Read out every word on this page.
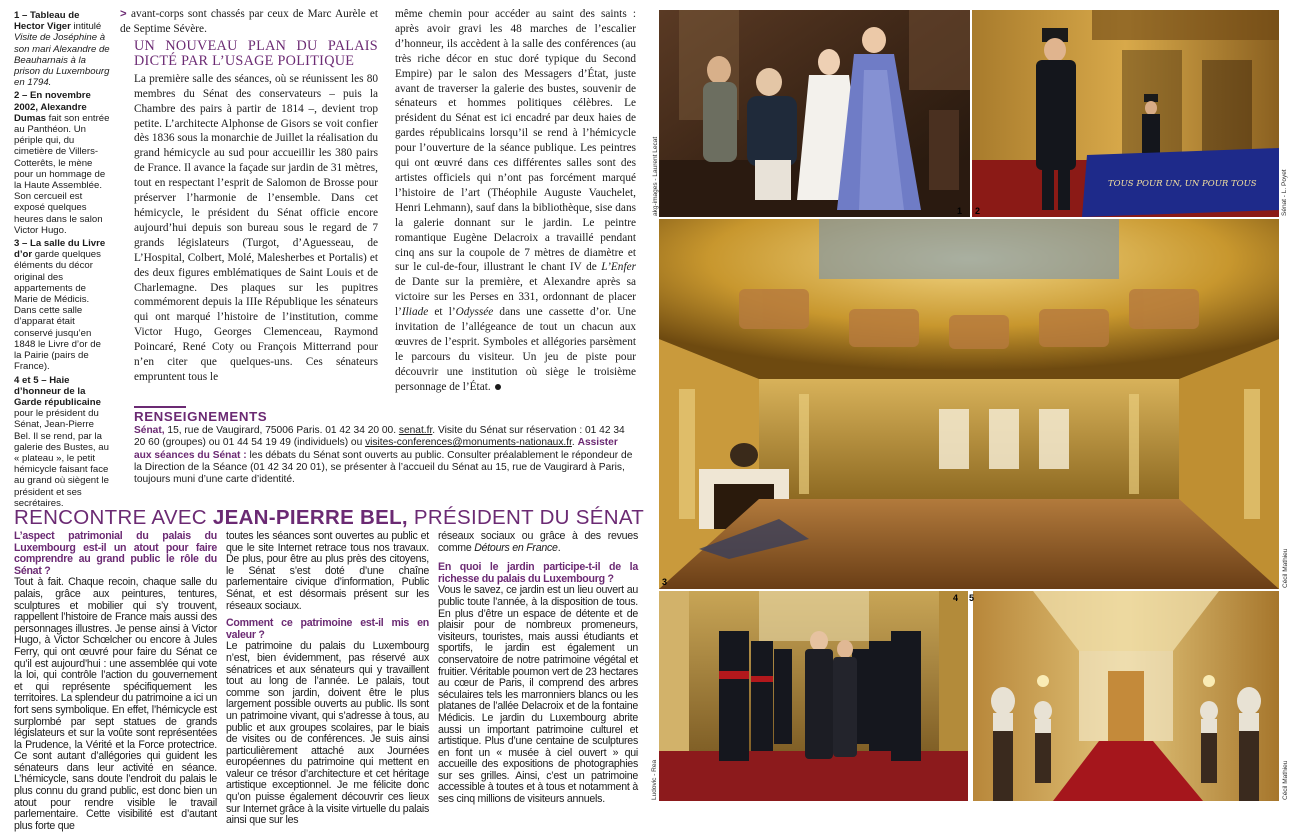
1 – Tableau de Hector Viger intitulé Visite de Joséphine à son mari Alexandre de Beauharnais à la prison du Luxembourg en 1794.

2 – En novembre 2002, Alexandre Dumas fait son entrée au Panthéon. Un périple qui, du cimetière de Villers-Cotterêts, le mène pour un hommage de la Haute Assemblée. Son cercueil est exposé quelques heures dans le salon Victor Hugo.

3 – La salle du Livre d’or garde quelques éléments du décor original des appartements de Marie de Médicis. Dans cette salle d’apparat était conservé jusqu’en 1848 le Livre d’or de la Pairie (pairs de France).

4 et 5 – Haie d’honneur de la Garde républicaine pour le président du Sénat, Jean-Pierre Bel. Il se rend, par la galerie des Bustes, au « plateau », le petit hémicycle faisant face au grand où siègent le président et ses secrétaires.

> avant-corps sont chassés par ceux de Marc Aurèle et de Septime Sévère.

UN NOUVEAU PLAN DU PALAIS DICTÉ PAR L’USAGE POLITIQUE

La première salle des séances, où se réunissent les 80 membres du Sénat des conservateurs – puis la Chambre des pairs à partir de 1814 –, devient trop petite. L’architecte Alphonse de Gisors se voit confier dès 1836 sous la monarchie de Juillet la réalisation du grand hémicycle au sud pour accueillir les 380 pairs de France. Il avance la façade sur jardin de 31 mètres, tout en respectant l’esprit de Salomon de Brosse pour préserver l’harmonie de l’ensemble. Dans cet hémicycle, le président du Sénat officie encore aujourd’hui depuis son bureau sous le regard de 7 grands législateurs (Turgot, d’Aguesseau, de L’Hospital, Colbert, Molé, Malesherbes et Portalis) et des deux figures emblématiques de Saint Louis et de Charlemagne. Des plaques sur les pupitres commémorent depuis la IIIe République les sénateurs qui ont marqué l’histoire de l’institution, comme Victor Hugo, Georges Clemenceau, Raymond Poincaré, René Coty ou François Mitterrand pour n’en citer que quelques-uns. Ces sénateurs empruntent tous le

même chemin pour accéder au saint des saints : après avoir gravi les 48 marches de l’escalier d’honneur, ils accèdent à la salle des conférences (au très riche décor en stuc doré typique du Second Empire) par le salon des Messagers d’État, juste avant de traverser la galerie des bustes, souvenir de sénateurs et hommes politiques célèbres. Le président du Sénat est ici encadré par deux haies de gardes républicains lorsqu’il se rend à l’hémicycle pour l’ouverture de la séance publique. Les peintres qui ont œuvré dans ces différentes salles sont des artistes officiels qui n’ont pas forcément marqué l’histoire de l’art (Théophile Auguste Vauchelet, Henri Lehmann), sauf dans la bibliothèque, sise dans la galerie donnant sur le jardin. Le peintre romantique Eugène Delacroix a travaillé pendant cinq ans sur la coupole de 7 mètres de diamètre et sur le cul-de-four, illustrant le chant IV de L’Enfer de Dante sur la première, et Alexandre après sa victoire sur les Perses en 331, ordonnant de placer l’Iliade et l’Odyssée dans une cassette d’or. Une invitation de l’allégeance de tout un chacun aux œuvres de l’esprit. Symboles et allégories parsèment le parcours du visiteur. Un jeu de piste pour découvrir une institution où siège le troisième personnage de l’État.

RENSEIGNEMENTS
Sénat, 15, rue de Vaugirard, 75006 Paris. 01 42 34 20 00. senat.fr. Visite du Sénat sur réservation : 01 42 34 20 60 (groupes) ou 01 44 54 19 49 (individuels) ou visites-conferences@monuments-nationaux.fr. Assister aux séances du Sénat : les débats du Sénat sont ouverts au public. Consulter préalablement le répondeur de la Direction de la Séance (01 42 34 20 01), se présenter à l’accueil du Sénat au 15, rue de Vaugirard à Paris, toujours muni d’une carte d’identité.
RENCONTRE AVEC JEAN-PIERRE BEL, PRÉSIDENT DU SÉNAT

L’aspect patrimonial du palais du Luxembourg est-il un atout pour faire comprendre au grand public le rôle du Sénat ?

Tout à fait. Chaque recoin, chaque salle du palais, grâce aux peintures, tentures, sculptures et mobilier qui s’y trouvent, rappellent l’histoire de France mais aussi des personnages illustres. Je pense ainsi à Victor Hugo, à Victor Schœlcher ou encore à Jules Ferry, qui ont œuvré pour faire du Sénat ce qu’il est aujourd’hui : une assemblée qui vote la loi, qui contrôle l’action du gouvernement et qui représente spécifiquement les territoires. La splendeur du patrimoine a ici un fort sens symbolique. En effet, l’hémicycle est surplombé par sept statues de grands législateurs et sur la voûte sont représentées la Prudence, la Vérité et la Force protectrice. Ce sont autant d’allégories qui guident les sénateurs dans leur activité en séance. L’hémicycle, sans doute l’endroit du palais le plus connu du grand public, est donc bien un atout pour rendre visible le travail parlementaire. Cette visibilité est d’autant plus forte que

toutes les séances sont ouvertes au public et que le site Internet retrace tous nos travaux. De plus, pour être au plus près des citoyens, le Sénat s’est doté d’une chaîne parlementaire civique d’information, Public Sénat, et est désormais présent sur les réseaux sociaux.

Comment ce patrimoine est-il mis en valeur ?

Le patrimoine du palais du Luxembourg n’est, bien évidemment, pas réservé aux sénatrices et aux sénateurs qui y travaillent tout au long de l’année. Le palais, tout comme son jardin, doivent être le plus largement possible ouverts au public. Ils sont un patrimoine vivant, qui s’adresse à tous, au public et aux groupes scolaires, par le biais de visites ou de conférences. Je suis ainsi particulièrement attaché aux Journées européennes du patrimoine qui mettent en valeur ce trésor d’architecture et cet héritage artistique exceptionnel. Je me félicite donc qu’on puisse également découvrir ces lieux sur Internet grâce à la visite virtuelle du palais ainsi que sur les

réseaux sociaux ou grâce à des revues comme Détours en France.

En quoi le jardin participe-t-il de la richesse du palais du Luxembourg ?

Vous le savez, ce jardin est un lieu ouvert au public toute l’année, à la disposition de tous. En plus d’être un espace de détente et de plaisir pour de nombreux promeneurs, visiteurs, touristes, mais aussi étudiants et sportifs, le jardin est également un conservatoire de notre patrimoine végétal et fruitier. Véritable poumon vert de 23 hectares au cœur de Paris, il comprend des arbres séculaires tels les marronniers blancs ou les platanes de l’allée Delacroix et de la fontaine Médicis. Le jardin du Luxembourg abrite aussi un important patrimoine culturel et artistique. Plus d’une centaine de sculptures en font un « musée à ciel ouvert » qui accueille des expositions de photographies sur ses grilles. Ainsi, c’est un patrimoine accessible à toutes et à tous et notamment à ses cinq millions de visiteurs annuels.

1
TOUS POUR UN, UN POUR TOUS
2
akg-images - Laurent Lecat	Sénat - L. Poyet
3	Cécil Mathieu
4
Ludovic - Rea
5
Cécil Mathieu
